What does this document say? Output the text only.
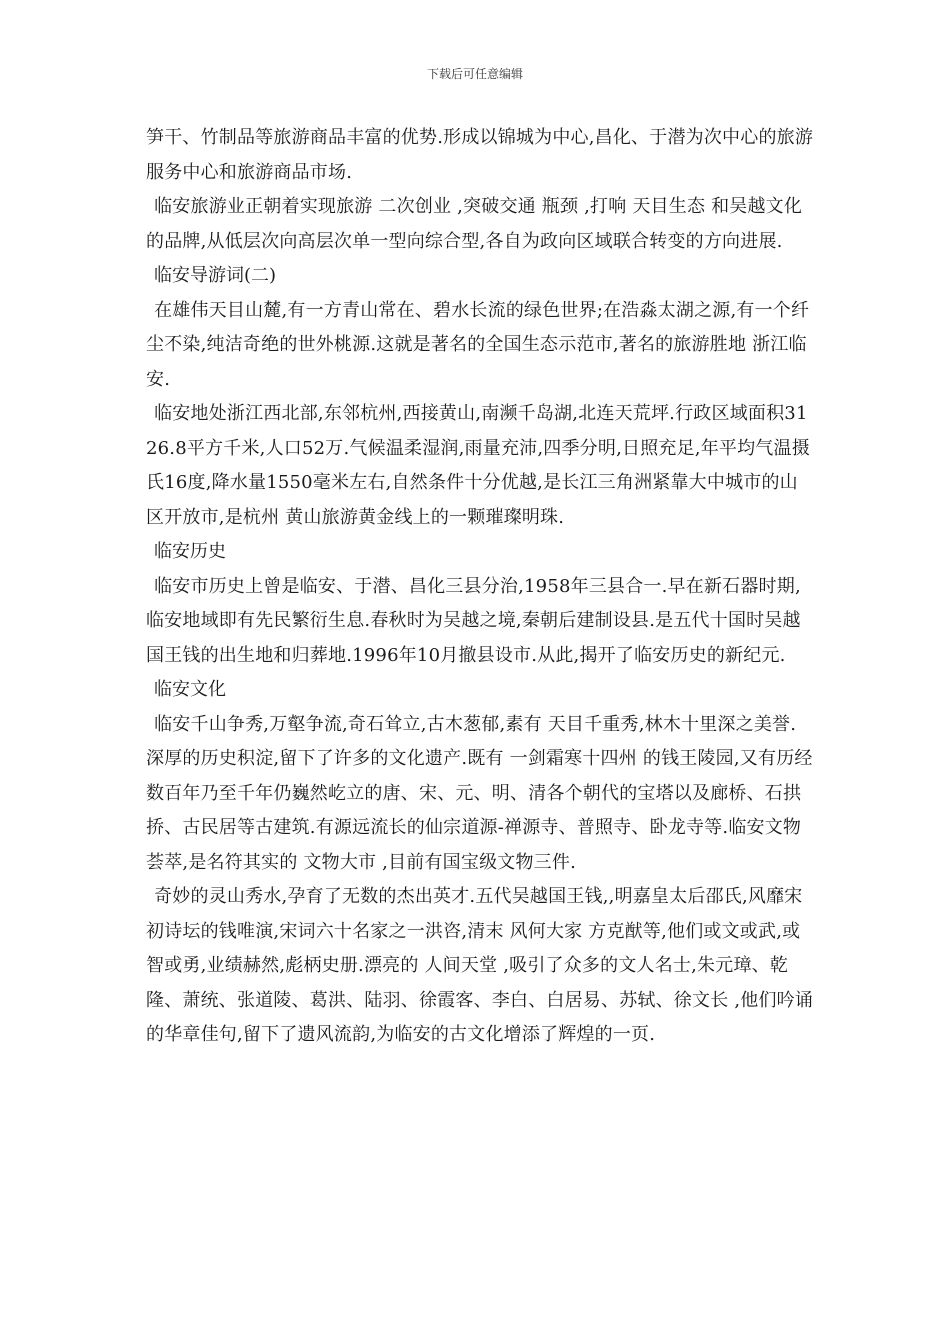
下载后可任意编辑

笋干、竹制品等旅游商品丰富的优势.形成以锦城为中心,昌化、于潜为次中心的旅游服务中心和旅游商品市场.

临安旅游业正朝着实现旅游 二次创业 ,突破交通 瓶颈 ,打响 天目生态 和吴越文化 的品牌,从低层次向高层次单一型向综合型,各自为政向区域联合转变的方向进展.

临安导游词(二)

在雄伟天目山麓,有一方青山常在、碧水长流的绿色世界;在浩淼太湖之源,有一个纤尘不染,纯洁奇绝的世外桃源.这就是著名的全国生态示范市,著名的旅游胜地 浙江临安.

临安地处浙江西北部,东邻杭州,西接黄山,南濒千岛湖,北连天荒坪.行政区域面积3126.8平方千米,人口52万.气候温柔湿润,雨量充沛,四季分明,日照充足,年平均气温摄氏16度,降水量1550毫米左右,自然条件十分优越,是长江三角洲紧靠大中城市的山区开放市,是杭州 黄山旅游黄金线上的一颗璀璨明珠.

临安历史

临安市历史上曾是临安、于潜、昌化三县分治,1958年三县合一.早在新石器时期,临安地域即有先民繁衍生息.春秋时为吴越之境,秦朝后建制设县.是五代十国时吴越国王钱的出生地和归葬地.1996年10月撤县设市.从此,揭开了临安历史的新纪元.

临安文化

临安千山争秀,万壑争流,奇石耸立,古木葱郁,素有 天目千重秀,林木十里深之美誉.深厚的历史积淀,留下了许多的文化遗产.既有 一剑霜寒十四州 的钱王陵园,又有历经数百年乃至千年仍巍然屹立的唐、宋、元、明、清各个朝代的宝塔以及廊桥、石拱挢、古民居等古建筑.有源远流长的仙宗道源-禅源寺、普照寺、卧龙寺等.临安文物荟萃,是名符其实的 文物大市 ,目前有国宝级文物三件.

奇妙的灵山秀水,孕育了无数的杰出英才.五代吴越国王钱,,明嘉皇太后邵氏,风靡宋初诗坛的钱唯演,宋词六十名家之一洪咨,清末 风何大家 方克猷等,他们或文或武,或智或勇,业绩赫然,彪柄史册.漂亮的 人间天堂 ,吸引了众多的文人名士,朱元璋、乾隆、萧统、张道陵、葛洪、陆羽、徐霞客、李白、白居易、苏轼、徐文长 ,他们吟诵的华章佳句,留下了遗风流韵,为临安的古文化增添了辉煌的一页.
